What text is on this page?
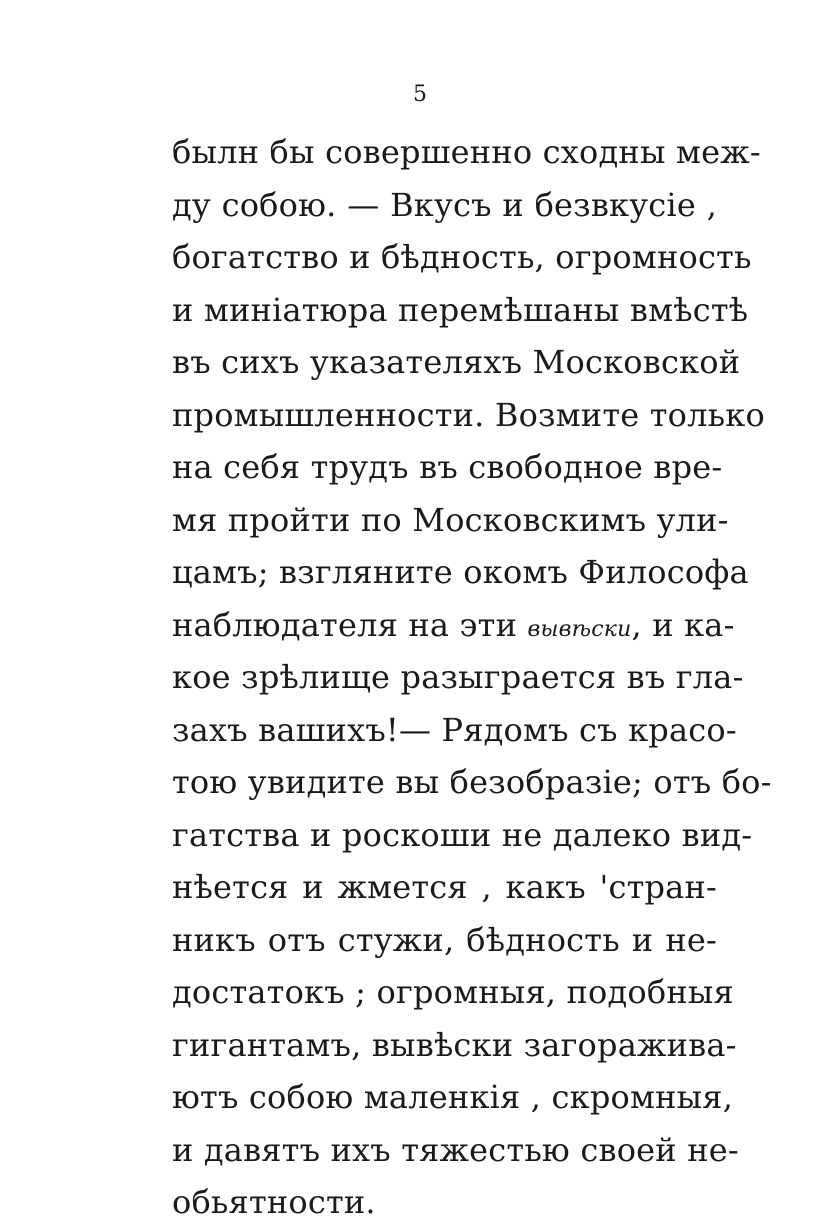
5
былн бы совершенно сходны меж-
ду собою. — Вкусъ и безвкусіе ,
богатство и бѣдность, огромность
и миніатюра перемѣшаны вмѣстѣ
въ сихъ указателяхъ Московской
промышленности. Возмите только
на себя трудъ въ свободное вре-
мя пройти по Московскимъ ули-
цамъ; взгляните окомъ Философа
наблюдателя на эти вывѣски, и ка-
кое зрѣлище разыграется въ гла-
захъ вашихъ!— Рядомъ съ красо-
тою увидите вы безобразіе; отъ бо-
гатства и роскоши не далеко вид-
нѣется и жмется , какъ 'стран-
никъ отъ стужи, бѣдность и не-
достатокъ ; огромныя, подобныя
гигантамъ, вывѣски загоражива-
ютъ собою маленкія , скромныя,
и давятъ ихъ тяжестью своей не-
обьятности.
